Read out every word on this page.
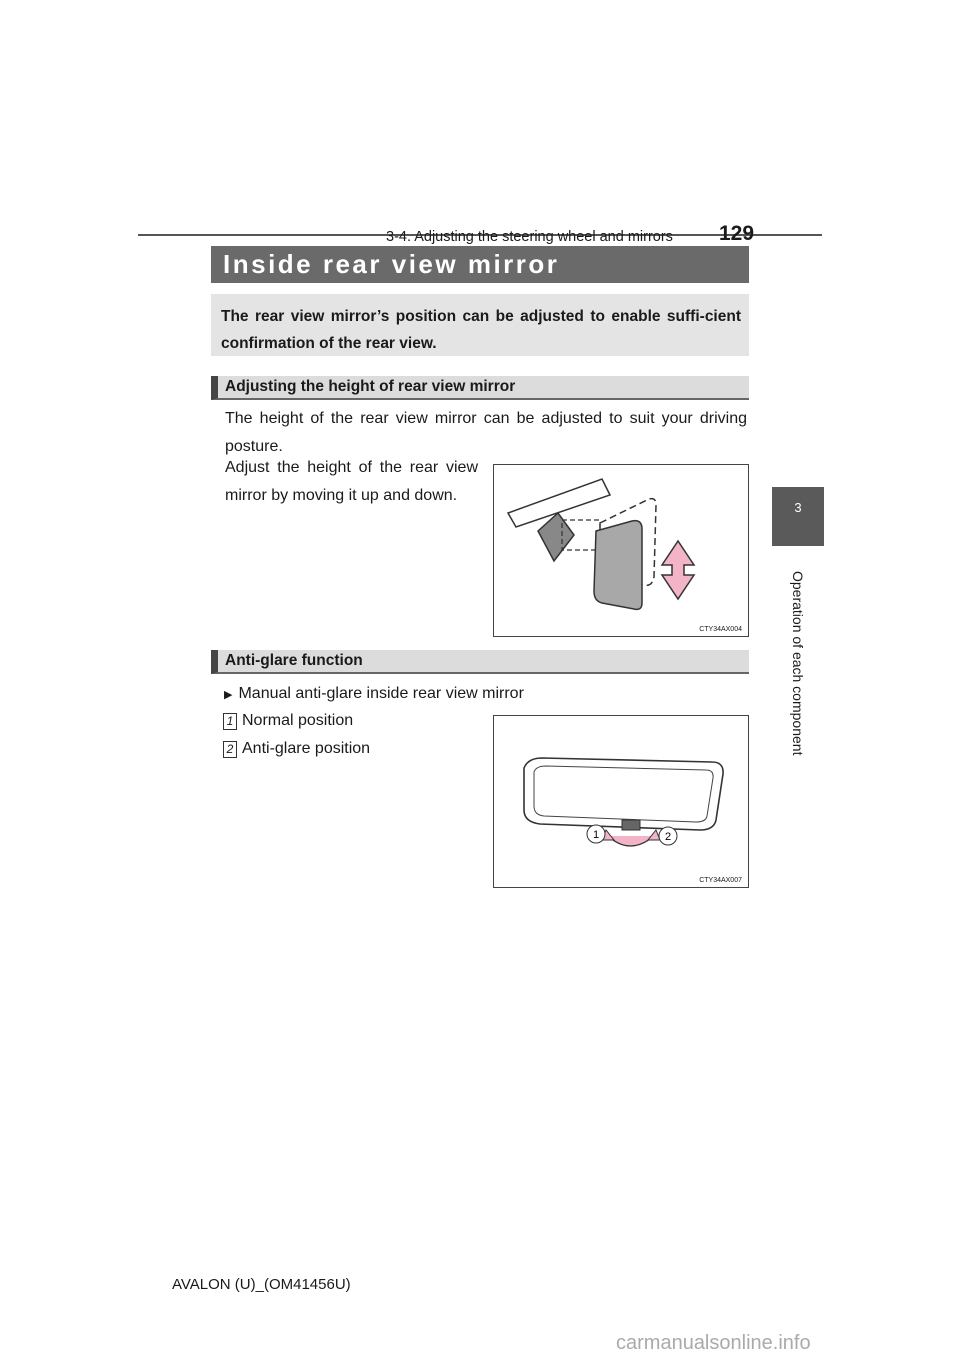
3-4. Adjusting the steering wheel and mirrors 129
3
Operation of each component
Inside rear view mirror
The rear view mirror’s position can be adjusted to enable suffi-cient confirmation of the rear view.
Adjusting the height of rear view mirror
The height of the rear view mirror can be adjusted to suit your driving posture.
Adjust the height of the rear view mirror by moving it up and down.
CTY34AX004
Anti-glare function
▶ Manual anti-glare inside rear view mirror
1 Normal position
2 Anti-glare position
1	2
CTY34AX007
AVALON (U)_(OM41456U)
carmanualsonline.info
